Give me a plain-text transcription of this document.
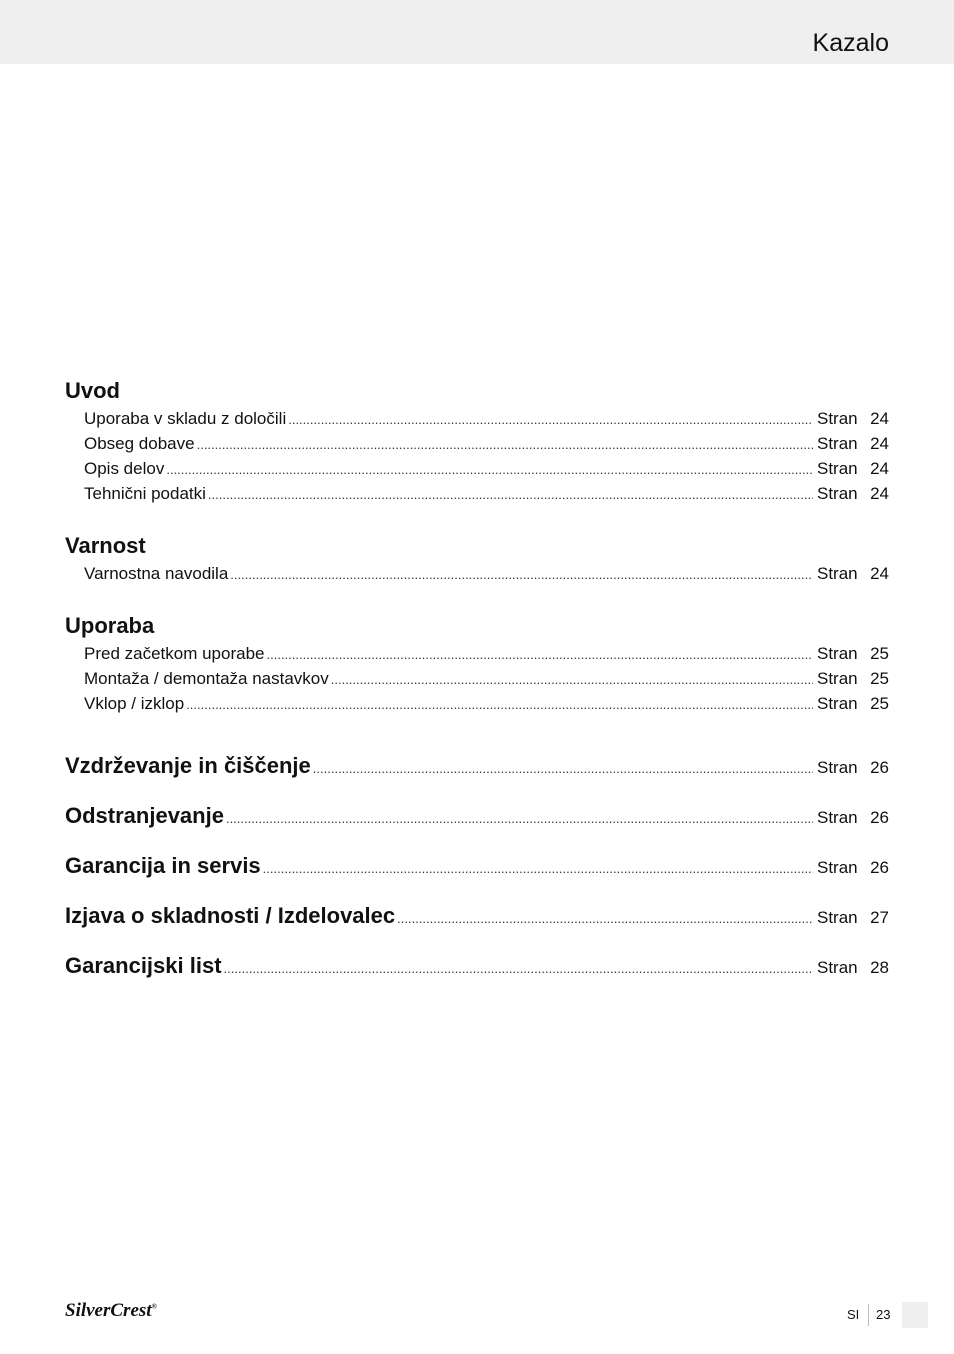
Kazalo
Uvod
Uporaba v skladu z določili .....	Stran 24
Obseg dobave .....	Stran 24
Opis delov .....	Stran 24
Tehnični podatki .....	Stran 24
Varnost
Varnostna navodila .....	Stran 24
Uporaba
Pred začetkom uporabe .....	Stran 25
Montaža / demontaža nastavkov .....	Stran 25
Vklop / izklop .....	Stran 25
Vzdrževanje in čiščenje .....	Stran 26
Odstranjevanje .....	Stran 26
Garancija in servis .....	Stran 26
Izjava o skladnosti / Izdelovalec .....	Stran 27
Garancijski list .....	Stran 28
SilverCrest®
SI 23
